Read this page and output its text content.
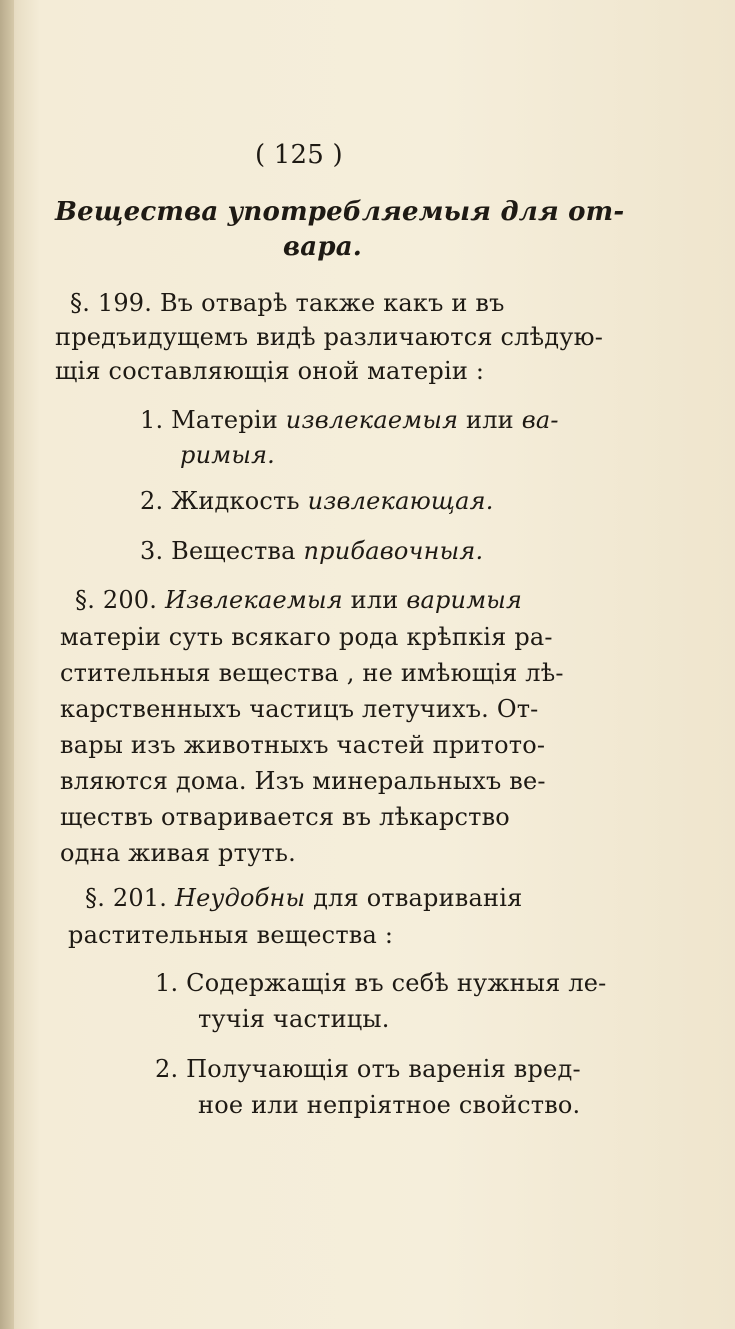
( 125 )

Вещества употребляемыя для от-

вара.

§. 199. Въ отварѣ также какъ и въ

предъидущемъ видѣ различаются слѣдую-

щія составляющія оной матеріи :

1. Матеріи извлекаемыя или ва-

римыя.

2. Жидкость извлекающая.

3. Вещества прибавочныя.

§. 200. Извлекаемыя или варимыя

матеріи суть всякаго рода крѣпкія ра-

стительныя вещества , не имѣющія лѣ-

карственныхъ частицъ летучихъ. От-

вары изъ животныхъ частей притото-

вляются дома. Изъ минеральныхъ ве-

ществъ отваривается въ лѣкарство

одна живая ртуть.

§. 201. Неудобны для отваривaнія

растительныя вещества :

1. Содержащія въ себѣ нужныя ле-

тучія частицы.

2. Получающія отъ варенія вред-

ное или непріятное свойство.
